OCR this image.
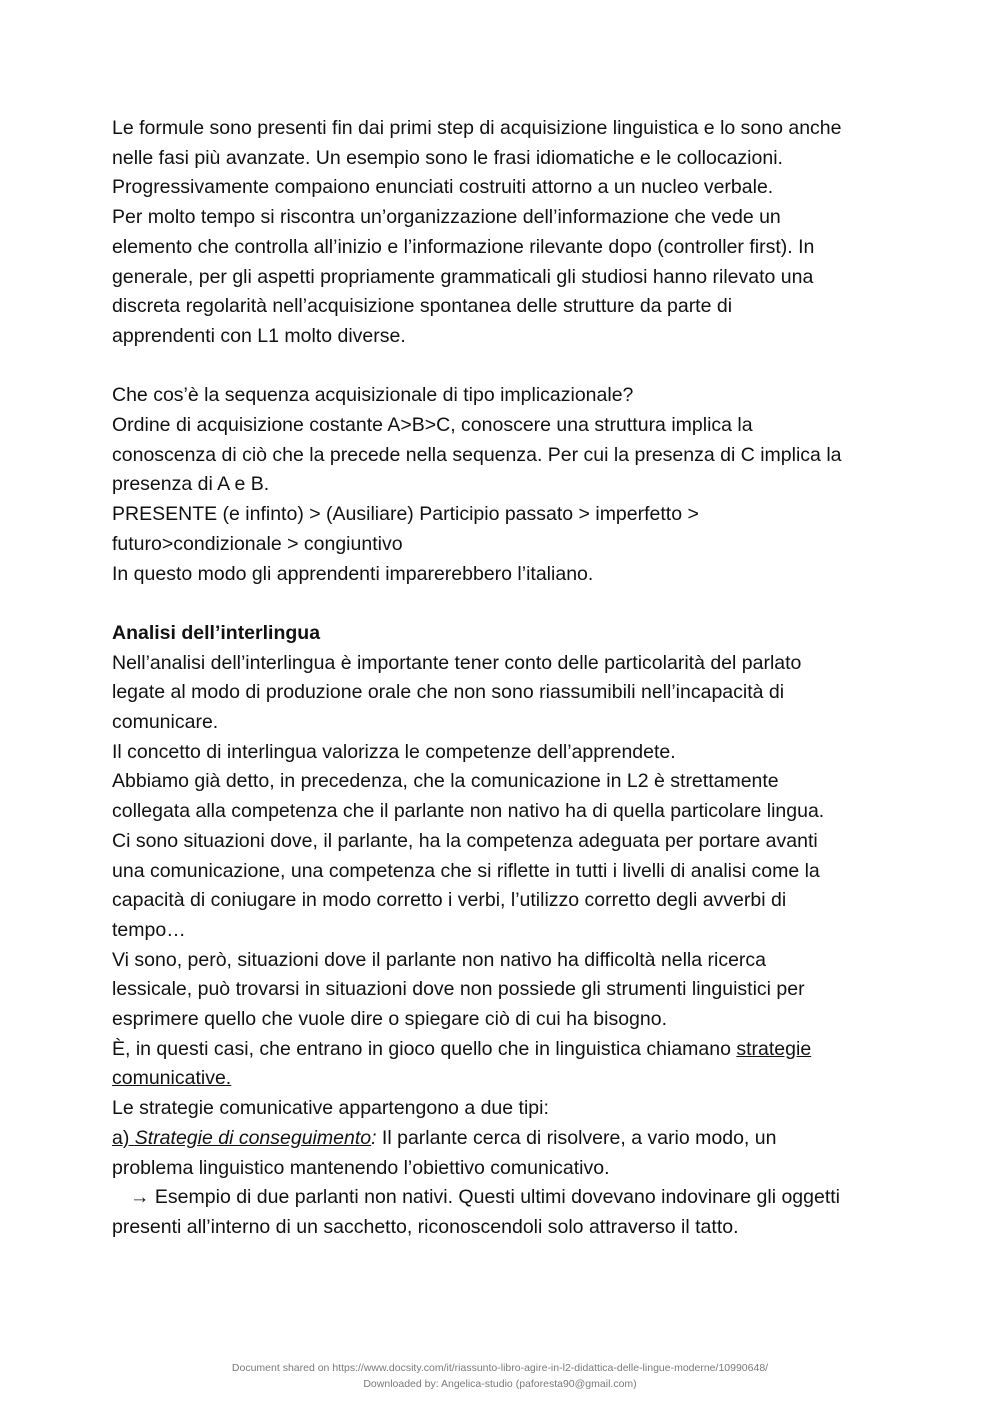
Le formule sono presenti fin dai primi step di acquisizione linguistica e lo sono anche
nelle fasi più avanzate. Un esempio sono le frasi idiomatiche e le collocazioni.
Progressivamente compaiono enunciati costruiti attorno a un nucleo verbale.
Per molto tempo si riscontra un’organizzazione dell’informazione che vede un
elemento che controlla all’inizio e l’informazione rilevante dopo (controller first). In
generale, per gli aspetti propriamente grammaticali gli studiosi hanno rilevato una
discreta regolarità nell’acquisizione spontanea delle strutture da parte di
apprendenti con L1 molto diverse.
Che cos’è la sequenza acquisizionale di tipo implicazionale?
Ordine di acquisizione costante A>B>C, conoscere una struttura implica la
conoscenza di ciò che la precede nella sequenza. Per cui la presenza di C implica la
presenza di A e B.
PRESENTE (e infinto) > (Ausiliare) Participio passato > imperfetto >
futuro>condizionale > congiuntivo
In questo modo gli apprendenti imparerebbero l’italiano.
Analisi dell’interlingua
Nell’analisi dell’interlingua è importante tener conto delle particolarità del parlato
legate al modo di produzione orale che non sono riassumibili nell’incapacità di
comunicare.
Il concetto di interlingua valorizza le competenze dell’apprendete.
Abbiamo già detto, in precedenza, che la comunicazione in L2 è strettamente
collegata alla competenza che il parlante non nativo ha di quella particolare lingua.
Ci sono situazioni dove, il parlante, ha la competenza adeguata per portare avanti
una comunicazione, una competenza che si riflette in tutti i livelli di analisi come la
capacità di coniugare in modo corretto i verbi, l’utilizzo corretto degli avverbi di
tempo…
Vi sono, però, situazioni dove il parlante non nativo ha difficoltà nella ricerca
lessicale, può trovarsi in situazioni dove non possiede gli strumenti linguistici per
esprimere quello che vuole dire o spiegare ciò di cui ha bisogno.
È, in questi casi, che entrano in gioco quello che in linguistica chiamano strategie
comunicative.
Le strategie comunicative appartengono a due tipi:
a) Strategie di conseguimento: Il parlante cerca di risolvere, a vario modo, un
problema linguistico mantenendo l’obiettivo comunicativo.
→ Esempio di due parlanti non nativi. Questi ultimi dovevano indovinare gli oggetti
presenti all’interno di un sacchetto, riconoscendoli solo attraverso il tatto.
Document shared on https://www.docsity.com/it/riassunto-libro-agire-in-l2-didattica-delle-lingue-moderne/10990648/
Downloaded by: Angelica-studio (paforesta90@gmail.com)
